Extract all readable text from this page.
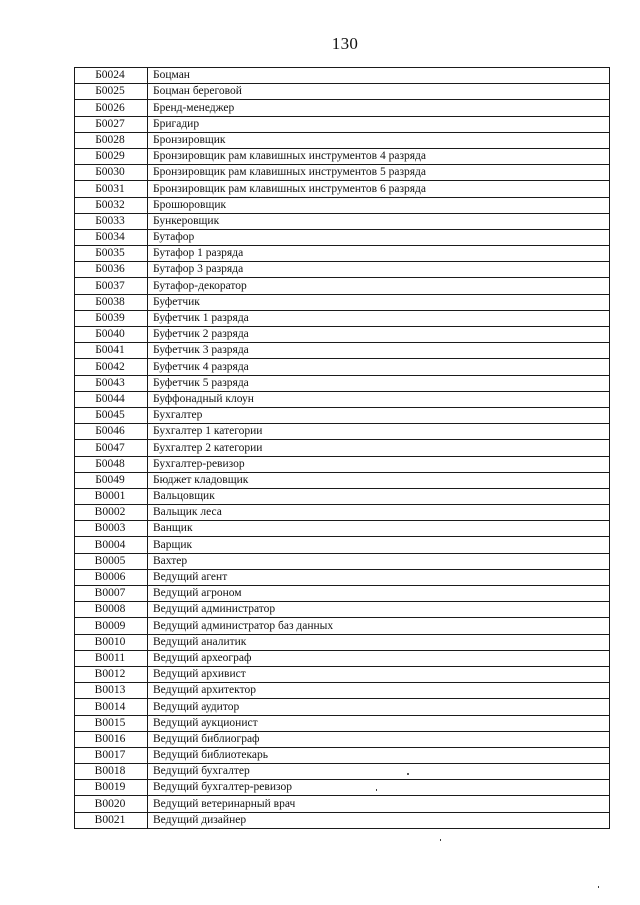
130
Б0024	Боцман
Б0025	Боцман береговой
Б0026	Бренд-менеджер
Б0027	Бригадир
Б0028	Бронзировщик
Б0029	Бронзировщик рам клавишных инструментов 4 разряда
Б0030	Бронзировщик рам клавишных инструментов 5 разряда
Б0031	Бронзировщик рам клавишных инструментов 6 разряда
Б0032	Брошюровщик
Б0033	Бункеровщик
Б0034	Бутафор
Б0035	Бутафор 1 разряда
Б0036	Бутафор 3 разряда
Б0037	Бутафор-декоратор
Б0038	Буфетчик
Б0039	Буфетчик 1 разряда
Б0040	Буфетчик 2 разряда
Б0041	Буфетчик 3 разряда
Б0042	Буфетчик 4 разряда
Б0043	Буфетчик 5 разряда
Б0044	Буффонадный клоун
Б0045	Бухгалтер
Б0046	Бухгалтер 1 категории
Б0047	Бухгалтер 2 категории
Б0048	Бухгалтер-ревизор
Б0049	Бюджет кладовщик
В0001	Вальцовщик
В0002	Вальщик леса
В0003	Ванщик
В0004	Варщик
В0005	Вахтер
В0006	Ведущий агент
В0007	Ведущий агроном
В0008	Ведущий администратор
В0009	Ведущий администратор баз данных
В0010	Ведущий аналитик
В0011	Ведущий археограф
В0012	Ведущий архивист
В0013	Ведущий архитектор
В0014	Ведущий аудитор
В0015	Ведущий аукционист
В0016	Ведущий библиограф
В0017	Ведущий библиотекарь
В0018	Ведущий бухгалтер
В0019	Ведущий бухгалтер-ревизор
В0020	Ведущий ветеринарный врач
В0021	Ведущий дизайнер
